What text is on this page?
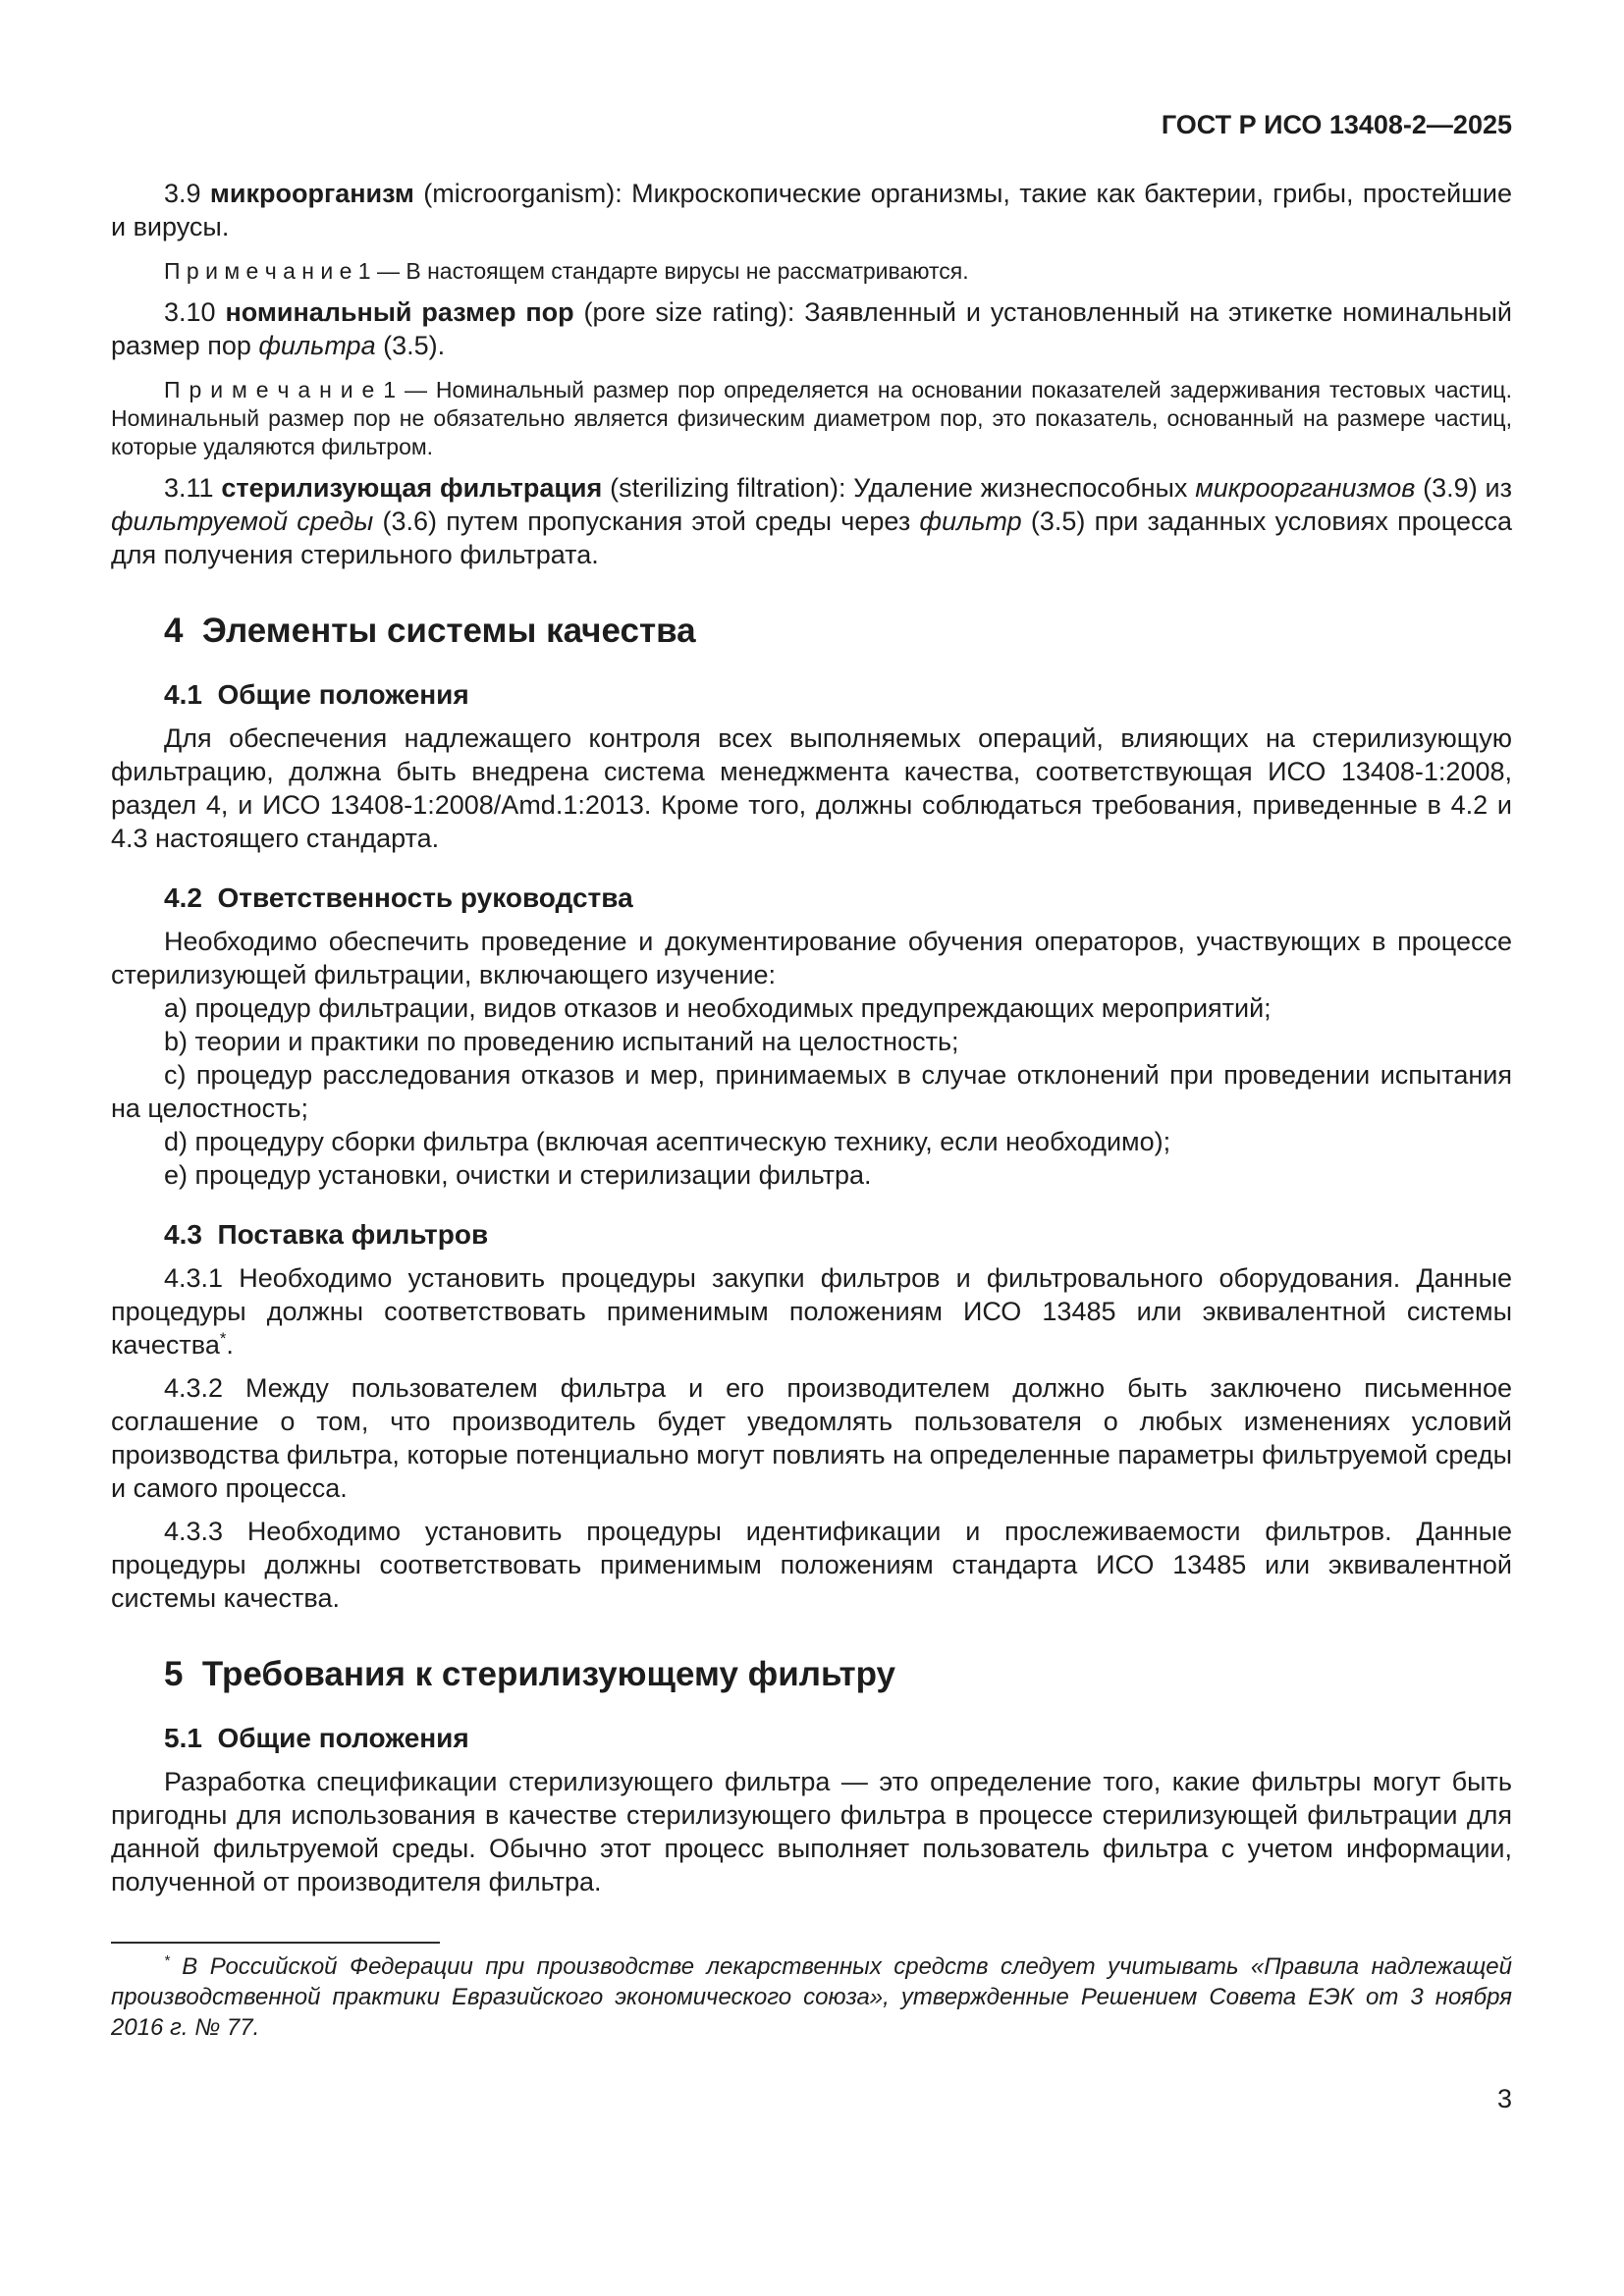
ГОСТ Р ИСО 13408-2—2025
3.9 микроорганизм (microorganism): Микроскопические организмы, такие как бактерии, грибы, простейшие и вирусы.
П р и м е ч а н и е 1 — В настоящем стандарте вирусы не рассматриваются.
3.10 номинальный размер пор (pore size rating): Заявленный и установленный на этикетке номинальный размер пор фильтра (3.5).
П р и м е ч а н и е 1 — Номинальный размер пор определяется на основании показателей задерживания тестовых частиц. Номинальный размер пор не обязательно является физическим диаметром пор, это показатель, основанный на размере частиц, которые удаляются фильтром.
3.11 стерилизующая фильтрация (sterilizing filtration): Удаление жизнеспособных микроорганизмов (3.9) из фильтруемой среды (3.6) путем пропускания этой среды через фильтр (3.5) при заданных условиях процесса для получения стерильного фильтрата.
4  Элементы системы качества
4.1  Общие положения
Для обеспечения надлежащего контроля всех выполняемых операций, влияющих на стерилизующую фильтрацию, должна быть внедрена система менеджмента качества, соответствующая ИСО 13408-1:2008, раздел 4, и ИСО 13408-1:2008/Amd.1:2013. Кроме того, должны соблюдаться требования, приведенные в 4.2 и 4.3 настоящего стандарта.
4.2  Ответственность руководства
Необходимо обеспечить проведение и документирование обучения операторов, участвующих в процессе стерилизующей фильтрации, включающего изучение:
a) процедур фильтрации, видов отказов и необходимых предупреждающих мероприятий;
b) теории и практики по проведению испытаний на целостность;
c) процедур расследования отказов и мер, принимаемых в случае отклонений при проведении испытания на целостность;
d) процедуру сборки фильтра (включая асептическую технику, если необходимо);
e) процедур установки, очистки и стерилизации фильтра.
4.3  Поставка фильтров
4.3.1 Необходимо установить процедуры закупки фильтров и фильтровального оборудования. Данные процедуры должны соответствовать применимым положениям ИСО 13485 или эквивалентной системы качества*.
4.3.2 Между пользователем фильтра и его производителем должно быть заключено письменное соглашение о том, что производитель будет уведомлять пользователя о любых изменениях условий производства фильтра, которые потенциально могут повлиять на определенные параметры фильтруемой среды и самого процесса.
4.3.3 Необходимо установить процедуры идентификации и прослеживаемости фильтров. Данные процедуры должны соответствовать применимым положениям стандарта ИСО 13485 или эквивалентной системы качества.
5  Требования к стерилизующему фильтру
5.1  Общие положения
Разработка спецификации стерилизующего фильтра — это определение того, какие фильтры могут быть пригодны для использования в качестве стерилизующего фильтра в процессе стерилизующей фильтрации для данной фильтруемой среды. Обычно этот процесс выполняет пользователь фильтра с учетом информации, полученной от производителя фильтра.
* В Российской Федерации при производстве лекарственных средств следует учитывать «Правила надлежащей производственной практики Евразийского экономического союза», утвержденные Решением Совета ЕЭК от 3 ноября 2016 г. № 77.
3
